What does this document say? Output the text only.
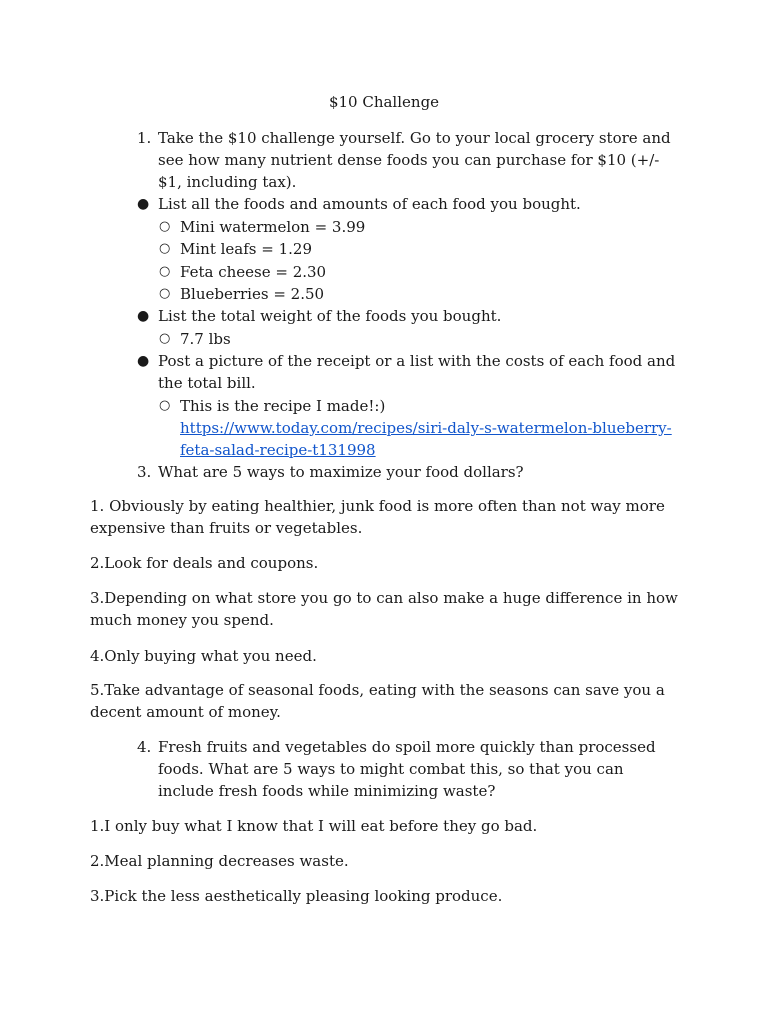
$10 Challenge
1. Take the $10 challenge yourself. Go to your local grocery store and see how many nutrient dense foods you can purchase for $10 (+/- $1, including tax).
● List all the foods and amounts of each food you bought.
○ Mini watermelon = 3.99
○ Mint leafs = 1.29
○ Feta cheese = 2.30
○ Blueberries = 2.50
● List the total weight of the foods you bought.
○ 7.7 lbs
● Post a picture of the receipt or a list with the costs of each food and the total bill.
○ This is the recipe I made!:)
https://www.today.com/recipes/siri-daly-s-watermelon-blueberry-feta-salad-recipe-t131998
3. What are 5 ways to maximize your food dollars?
1. Obviously by eating healthier, junk food is more often than not way more expensive than fruits or vegetables.
2.Look for deals and coupons.
3.Depending on what store you go to can also make a huge difference in how much money you spend.
4.Only buying what you need.
5.Take advantage of seasonal foods, eating with the seasons can save you a decent amount of money.
4. Fresh fruits and vegetables do spoil more quickly than processed foods. What are 5 ways to might combat this, so that you can include fresh foods while minimizing waste?
1.I only buy what I know that I will eat before they go bad.
2.Meal planning decreases waste.
3.Pick the less aesthetically pleasing looking produce.
